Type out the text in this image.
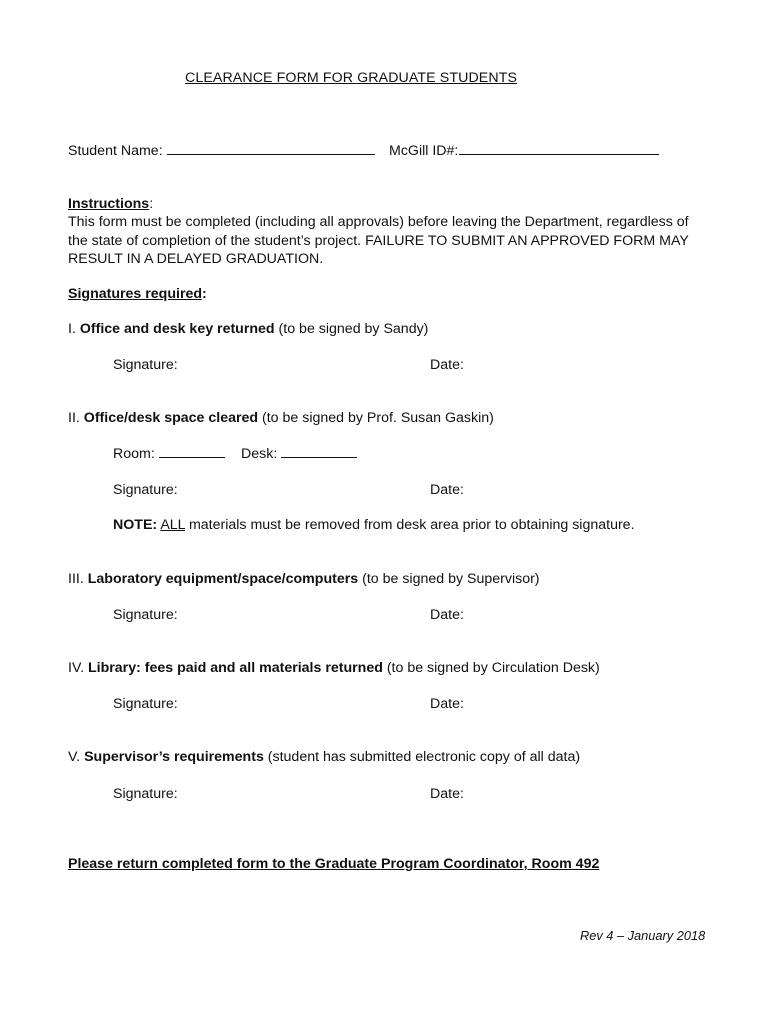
CLEARANCE FORM FOR GRADUATE STUDENTS
Student Name:	McGill ID#:
Instructions:
This form must be completed (including all approvals) before leaving the Department, regardless of the state of completion of the student’s project. FAILURE TO SUBMIT AN APPROVED FORM MAY RESULT IN A DELAYED GRADUATION.
Signatures required:
I. Office and desk key returned (to be signed by Sandy)
Signature:	Date:
II. Office/desk space cleared (to be signed by Prof. Susan Gaskin)
Room:	Desk:
Signature:	Date:
NOTE: ALL materials must be removed from desk area prior to obtaining signature.
III. Laboratory equipment/space/computers (to be signed by Supervisor)
Signature:	Date:
IV. Library: fees paid and all materials returned (to be signed by Circulation Desk)
Signature:	Date:
V. Supervisor’s requirements (student has submitted electronic copy of all data)
Signature:	Date:
Please return completed form to the Graduate Program Coordinator, Room 492
Rev 4 – January 2018
